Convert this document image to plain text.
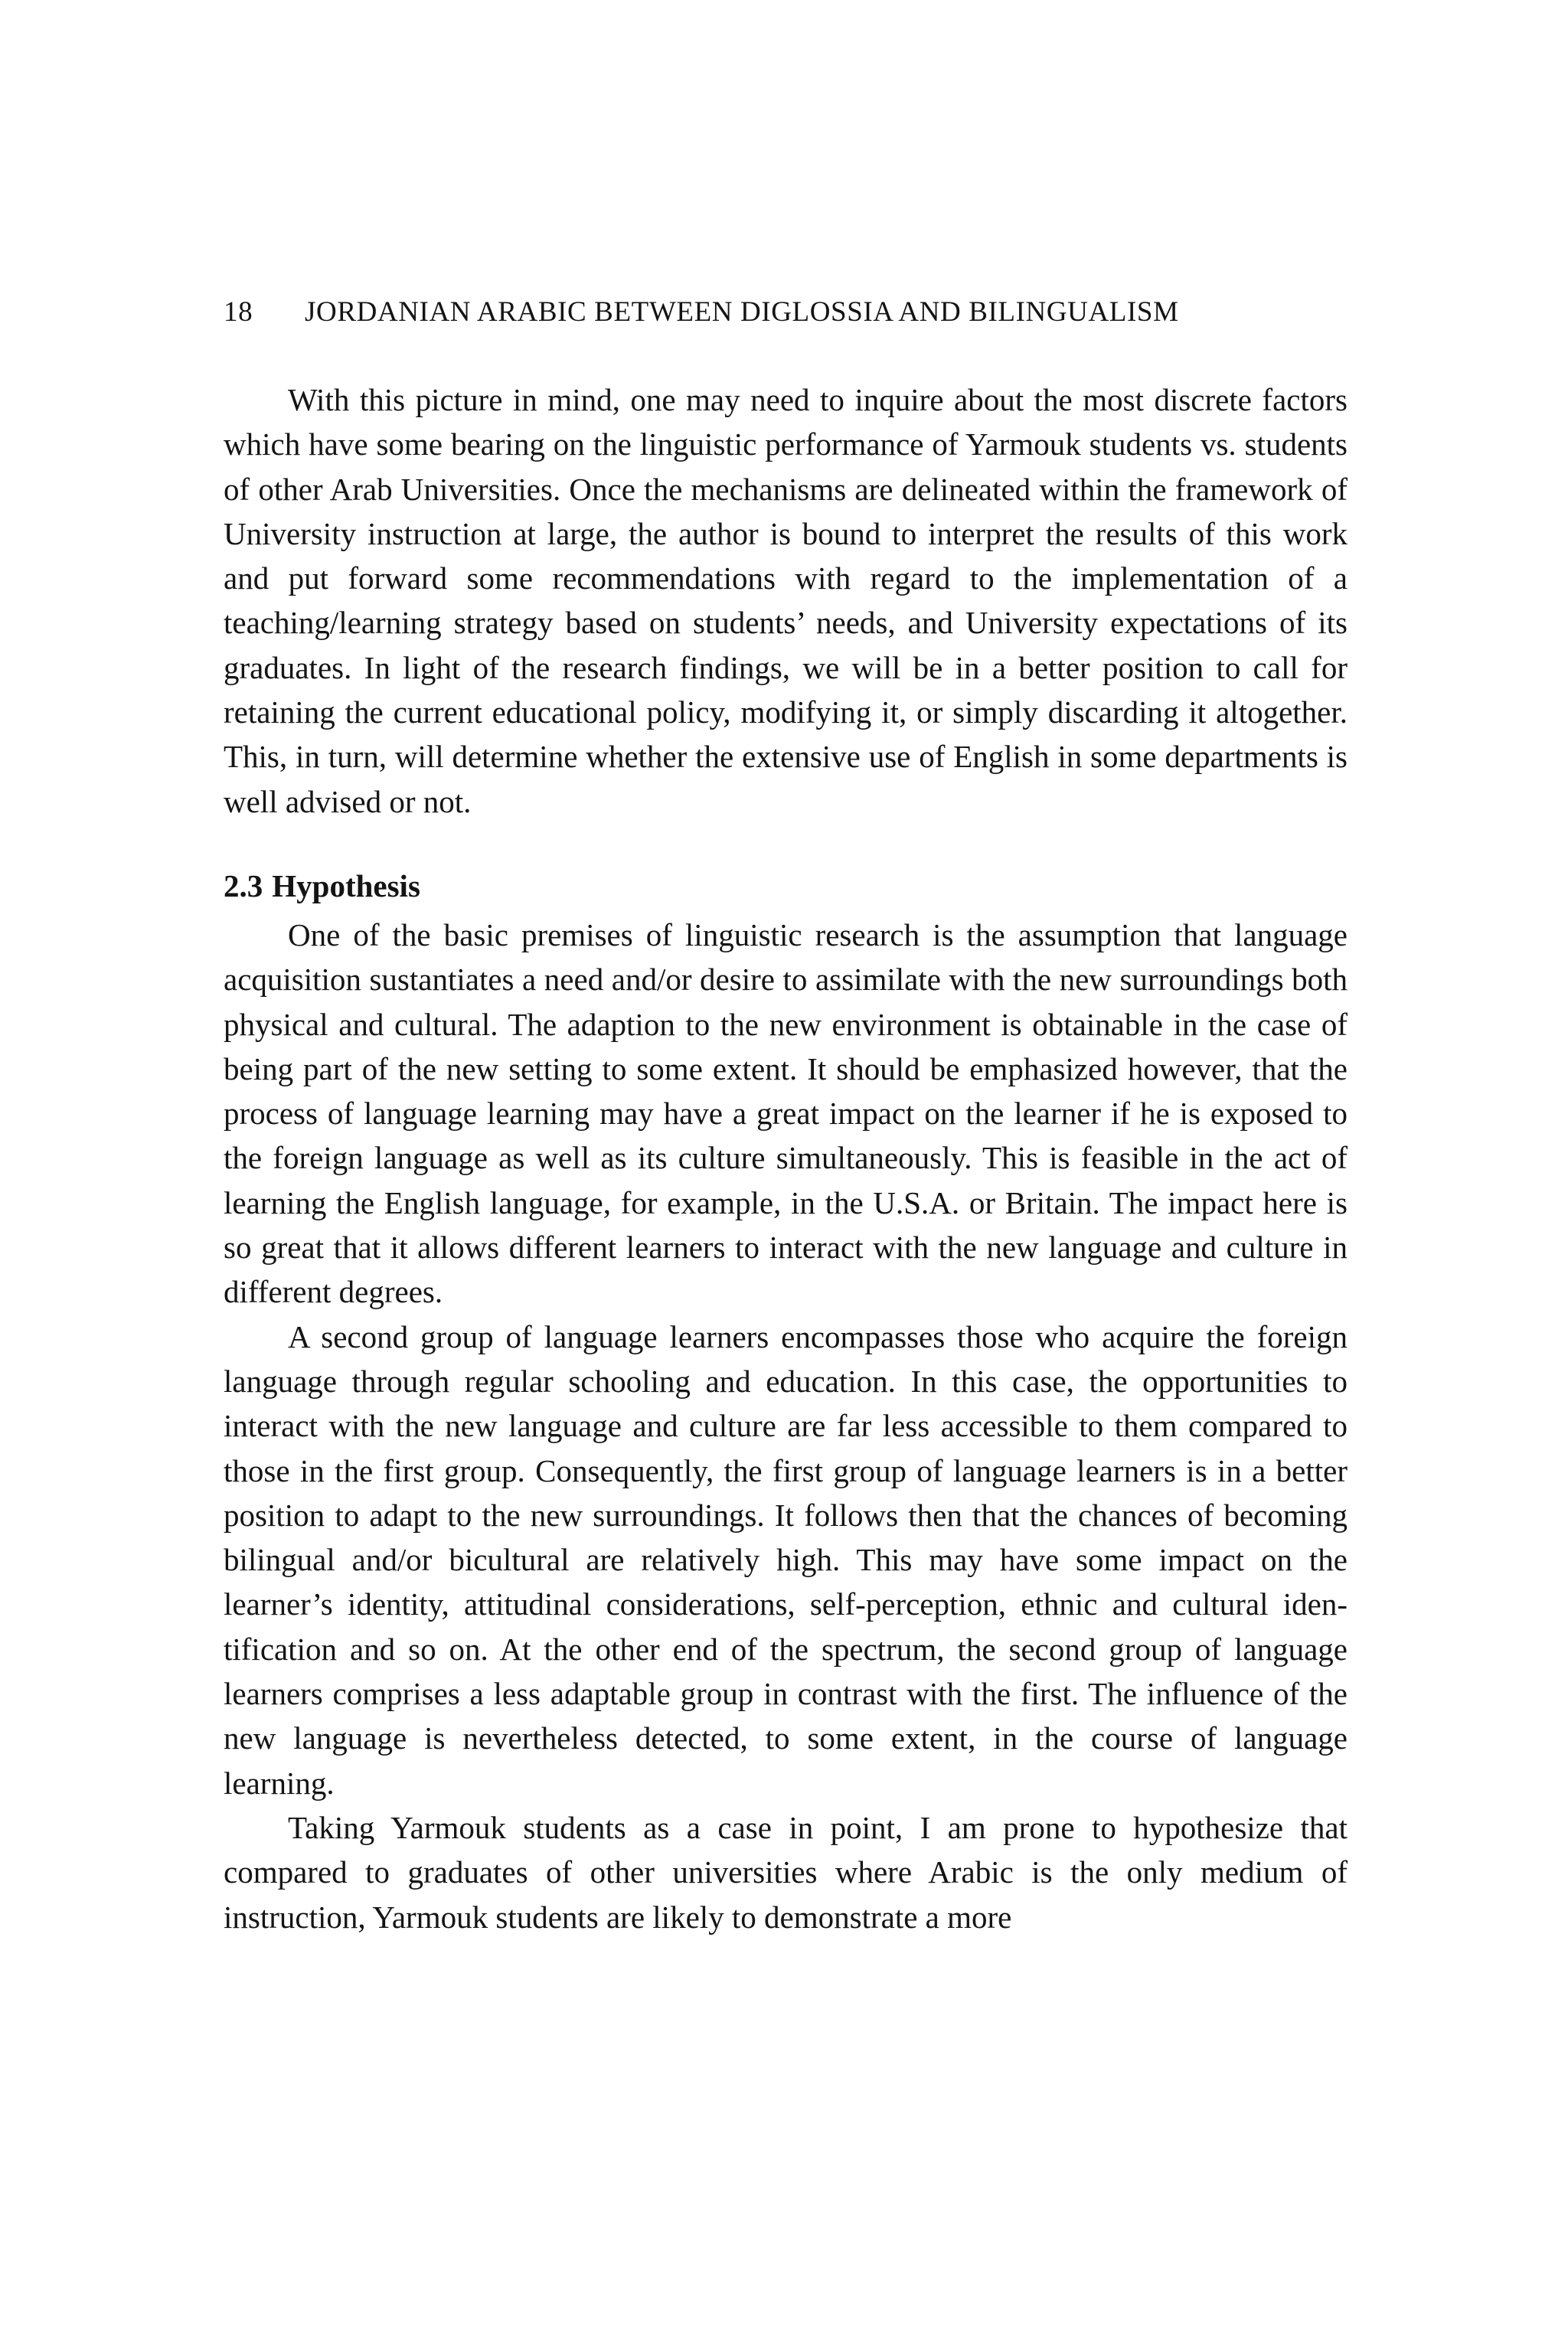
18 JORDANIAN ARABIC BETWEEN DIGLOSSIA AND BILINGUALISM

With this picture in mind, one may need to inquire about the most discrete factors which have some bearing on the linguistic performance of Yarmouk students vs. students of other Arab Universities. Once the mechanisms are delineated within the framework of University instruction at large, the author is bound to interpret the results of this work and put forward some recommendations with regard to the implementation of a teaching/learning strategy based on students’ needs, and University expectations of its graduates. In light of the research findings, we will be in a better position to call for retaining the current educational policy, modifying it, or simply discarding it altogether. This, in turn, will determine whether the extensive use of English in some departments is well advised or not.

2.3 Hypothesis

One of the basic premises of linguistic research is the assumption that language acquisition sustantiates a need and/or desire to assimilate with the new surroundings both physical and cultural. The adaption to the new environment is obtainable in the case of being part of the new setting to some extent. It should be emphasized however, that the process of language learning may have a great impact on the learner if he is exposed to the foreign language as well as its culture simultaneously. This is feasible in the act of learning the English language, for example, in the U.S.A. or Britain. The impact here is so great that it allows different learners to interact with the new language and culture in different degrees.

A second group of language learners encompasses those who acquire the foreign language through regular schooling and education. In this case, the opportunities to interact with the new language and culture are far less accessible to them compared to those in the first group. Consequently, the first group of language learners is in a better position to adapt to the new surroundings. It follows then that the chances of becoming bilingual and/or bicultural are relatively high. This may have some impact on the learner’s identity, attitudinal considerations, self-perception, ethnic and cultural identification and so on. At the other end of the spectrum, the second group of language learners comprises a less adaptable group in contrast with the first. The influence of the new language is nevertheless detected, to some extent, in the course of language learning.

Taking Yarmouk students as a case in point, I am prone to hypothesize that compared to graduates of other universities where Arabic is the only medium of instruction, Yarmouk students are likely to demonstrate a more
